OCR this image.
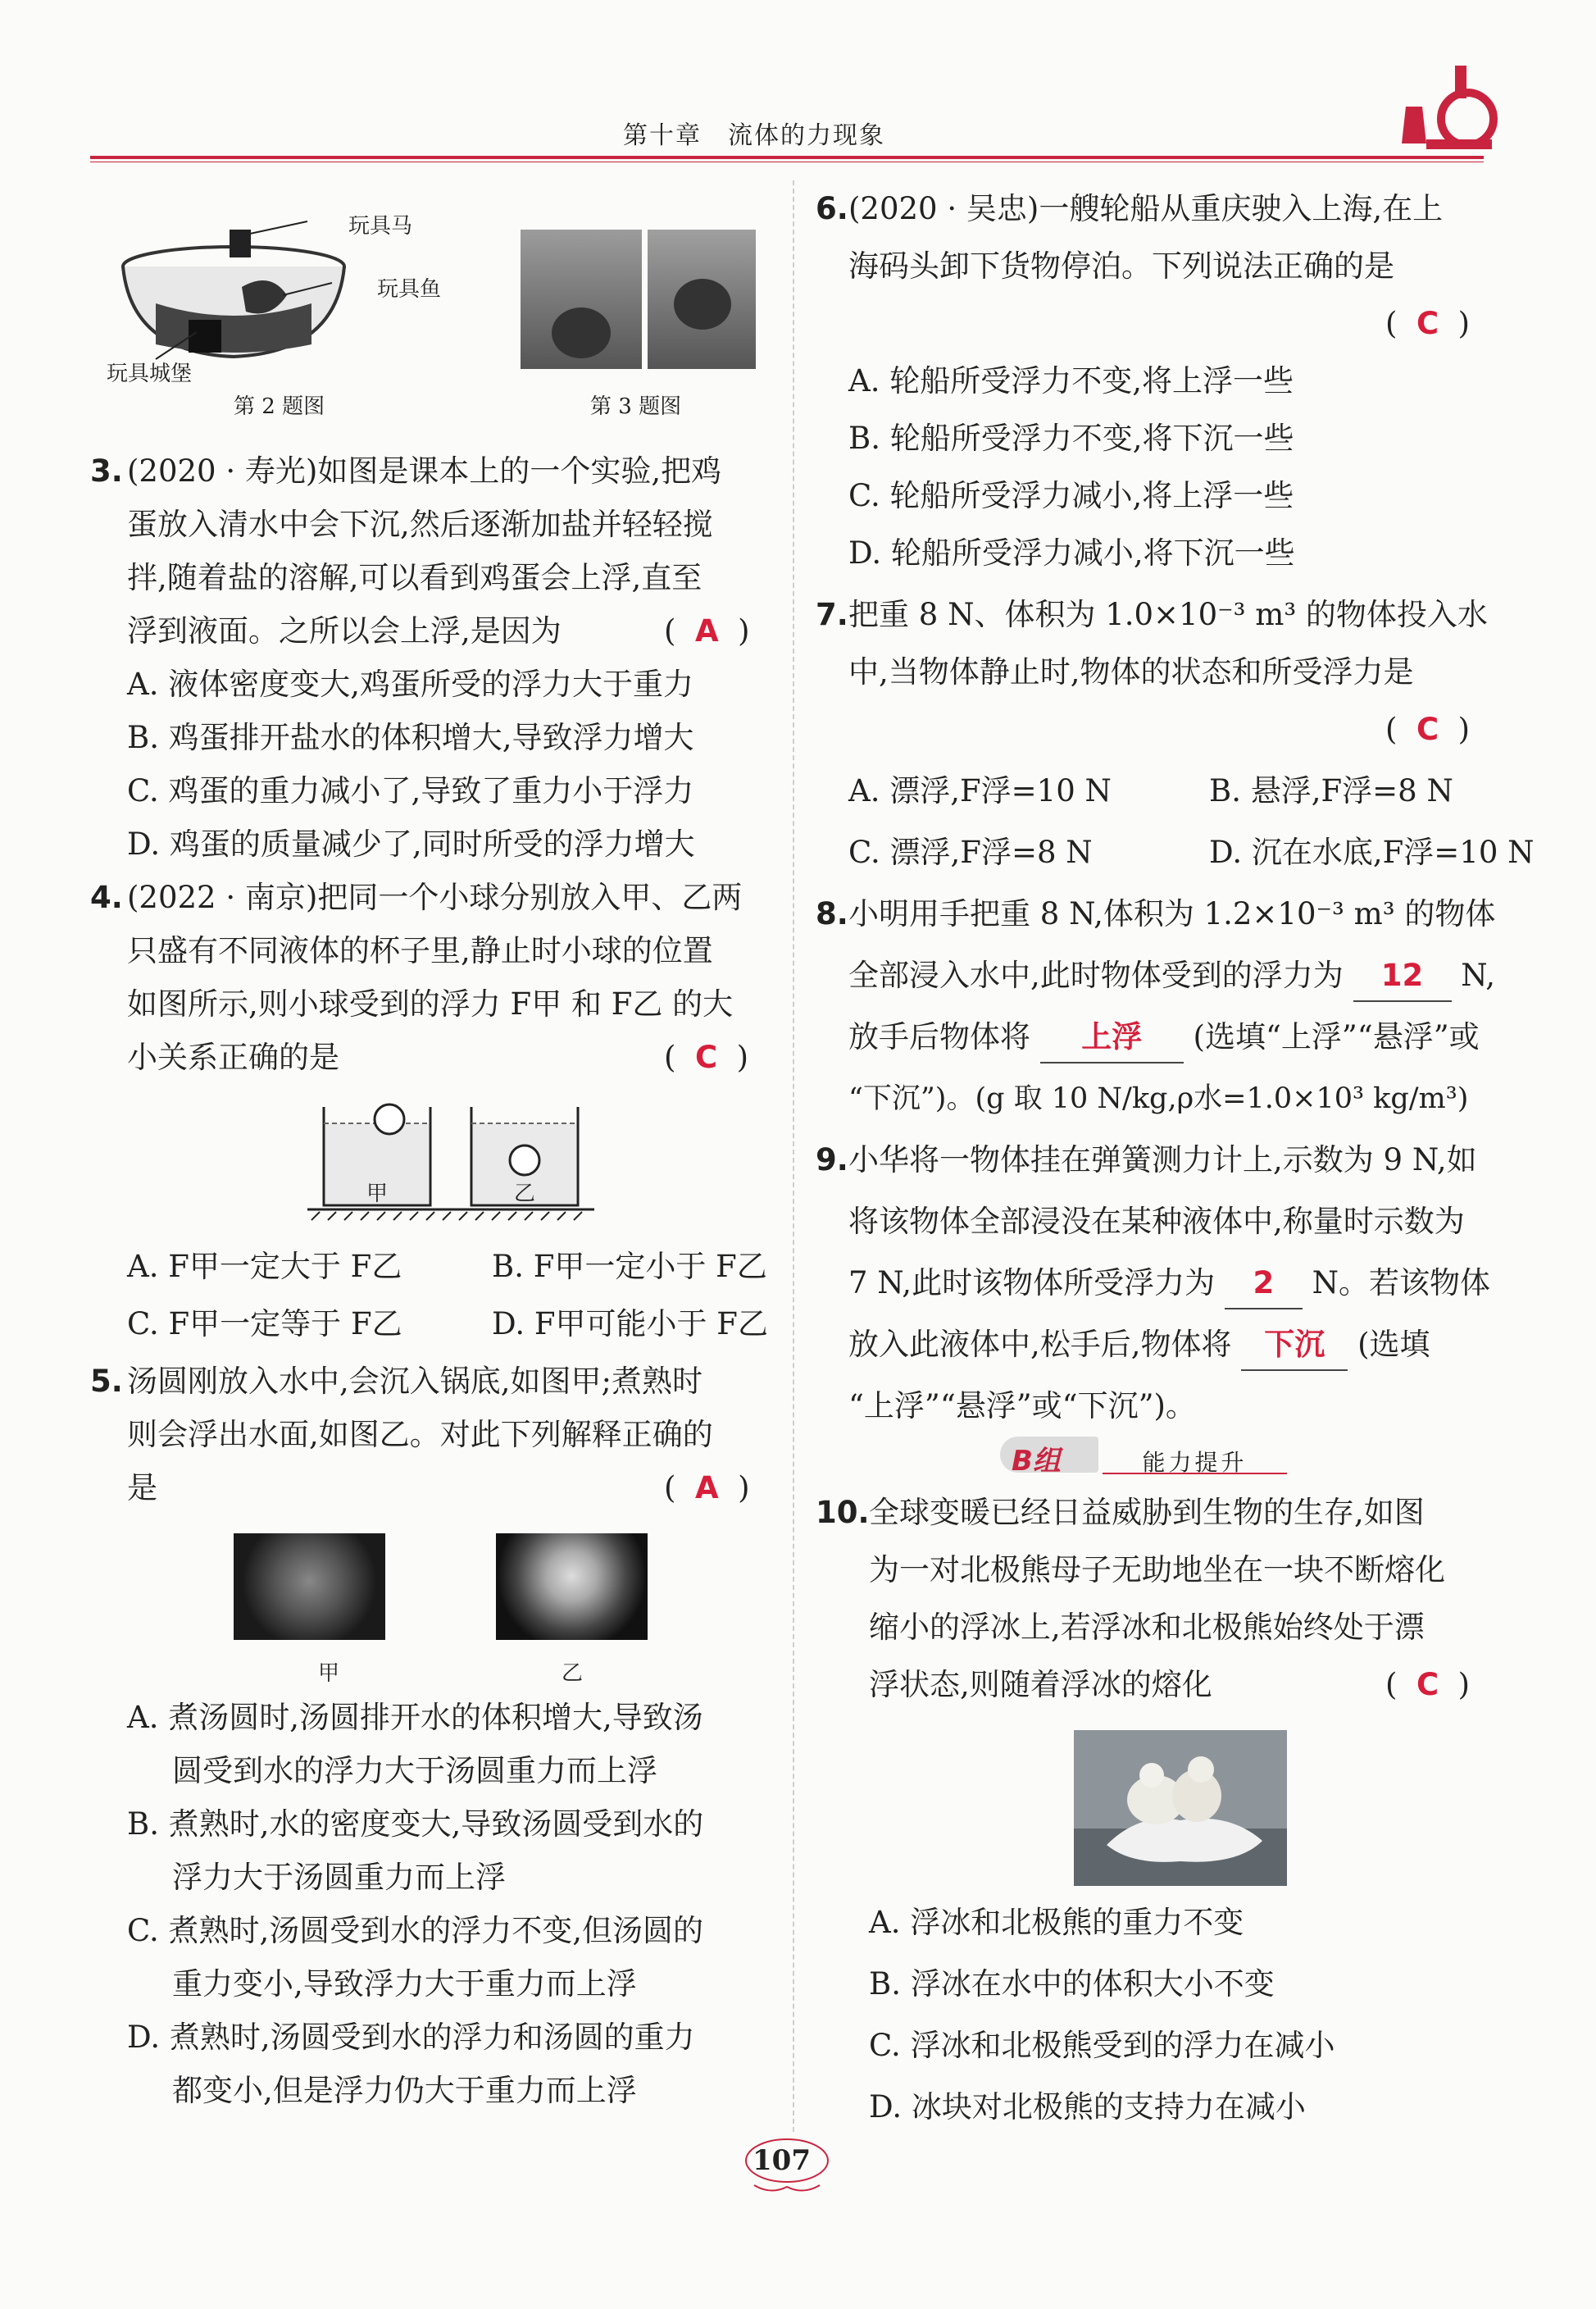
第十章　流体的力现象
玩具马
玩具鱼
玩具城堡
第 2 题图	第 3 题图
3. (2020 · 寿光)如图是课本上的一个实验,把鸡
蛋放入清水中会下沉,然后逐渐加盐并轻轻搅
拌,随着盐的溶解,可以看到鸡蛋会上浮,直至
浮到液面。之所以会上浮,是因为	(  A  )
A. 液体密度变大,鸡蛋所受的浮力大于重力
B. 鸡蛋排开盐水的体积增大,导致浮力增大
C. 鸡蛋的重力减小了,导致了重力小于浮力
D. 鸡蛋的质量减少了,同时所受的浮力增大
4. (2022 · 南京)把同一个小球分别放入甲、乙两
只盛有不同液体的杯子里,静止时小球的位置
如图所示,则小球受到的浮力 F甲 和 F乙 的大
小关系正确的是	(  C  )
甲	乙
A. F甲一定大于 F乙	B. F甲一定小于 F乙
C. F甲一定等于 F乙	D. F甲可能小于 F乙
5. 汤圆刚放入水中,会沉入锅底,如图甲;煮熟时
则会浮出水面,如图乙。对此下列解释正确的
是	(  A  )
甲	乙
A. 煮汤圆时,汤圆排开水的体积增大,导致汤
圆受到水的浮力大于汤圆重力而上浮
B. 煮熟时,水的密度变大,导致汤圆受到水的
浮力大于汤圆重力而上浮
C. 煮熟时,汤圆受到水的浮力不变,但汤圆的
重力变小,导致浮力大于重力而上浮
D. 煮熟时,汤圆受到水的浮力和汤圆的重力
都变小,但是浮力仍大于重力而上浮
6. (2020 · 吴忠)一艘轮船从重庆驶入上海,在上
海码头卸下货物停泊。下列说法正确的是
(  C  )
A. 轮船所受浮力不变,将上浮一些
B. 轮船所受浮力不变,将下沉一些
C. 轮船所受浮力减小,将上浮一些
D. 轮船所受浮力减小,将下沉一些
7. 把重 8 N、体积为 1.0×10⁻³ m³ 的物体投入水
中,当物体静止时,物体的状态和所受浮力是
(  C  )
A. 漂浮,F浮=10 N	B. 悬浮,F浮=8 N
C. 漂浮,F浮=8 N	D. 沉在水底,F浮=10 N
8. 小明用手把重 8 N,体积为 1.2×10⁻³ m³ 的物体
全部浸入水中,此时物体受到的浮力为 12 N,
放手后物体将 上浮 (选填“上浮”“悬浮”或
“下沉”)。(g 取 10 N/kg,ρ水=1.0×10³ kg/m³)
9. 小华将一物体挂在弹簧测力计上,示数为 9 N,如
将该物体全部浸没在某种液体中,称量时示数为
7 N,此时该物体所受浮力为 2 N。若该物体
放入此液体中,松手后,物体将 下沉 (选填
“上浮”“悬浮”或“下沉”)。
B组	能力提升
10. 全球变暖已经日益威胁到生物的生存,如图
为一对北极熊母子无助地坐在一块不断熔化
缩小的浮冰上,若浮冰和北极熊始终处于漂
浮状态,则随着浮冰的熔化	(  C  )
A. 浮冰和北极熊的重力不变
B. 浮冰在水中的体积大小不变
C. 浮冰和北极熊受到的浮力在减小
D. 冰块对北极熊的支持力在减小
107
